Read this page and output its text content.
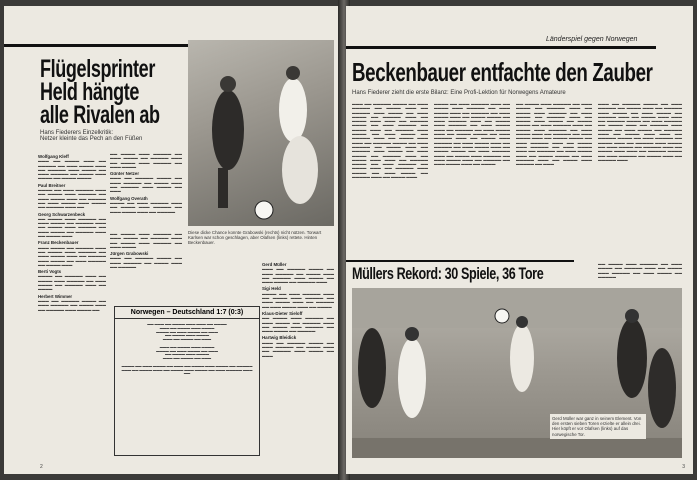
Flügelsprinter
Held hängte
alle Rivalen ab
Hans Fiederers Einzelkritik:
Netzer kleinte das Pech an den Füßen
Wolfgang Kleff
▬▬▬ ▬▬ ▬▬▬▬ ▬▬▬ ▬▬ ▬▬▬▬▬ ▬▬ ▬▬▬ ▬▬▬▬ ▬▬▬ ▬▬ ▬▬▬▬▬ ▬▬▬ ▬▬▬▬ ▬▬ ▬▬▬ ▬▬▬▬▬ ▬▬ ▬▬▬▬ ▬▬▬ ▬▬▬▬ ▬▬ ▬▬▬▬ ▬▬▬▬
Paul Breitner
▬▬▬▬ ▬▬ ▬▬▬ ▬▬▬▬▬ ▬▬▬ ▬▬ ▬▬▬▬ ▬▬▬ ▬▬▬▬▬ ▬▬ ▬▬▬ ▬▬▬▬ ▬▬▬ ▬▬ ▬▬▬▬▬ ▬▬ ▬▬▬ ▬▬▬▬ ▬▬▬ ▬▬▬▬ ▬▬ ▬▬▬▬▬ ▬▬▬ ▬▬
Georg Schwarzenbeck
▬▬ ▬▬▬▬ ▬▬▬ ▬▬▬▬▬ ▬▬ ▬▬▬ ▬▬▬▬ ▬▬ ▬▬▬▬▬ ▬▬▬ ▬▬ ▬▬▬▬ ▬▬▬ ▬▬▬▬▬ ▬▬ ▬▬▬ ▬▬▬▬ ▬▬ ▬▬▬▬▬ ▬▬▬ ▬▬ ▬▬▬▬ ▬▬▬
Franz Beckenbauer
▬▬▬ ▬▬▬▬ ▬▬ ▬▬▬▬▬ ▬▬▬ ▬▬ ▬▬▬▬ ▬▬▬ ▬▬▬▬▬ ▬▬ ▬▬▬ ▬▬▬▬ ▬▬▬ ▬▬ ▬▬▬▬▬ ▬▬▬ ▬▬▬▬ ▬▬ ▬▬▬ ▬▬▬▬▬ ▬▬ ▬▬▬▬ ▬▬▬
Berti Vogts
▬▬▬▬ ▬▬ ▬▬▬▬▬ ▬▬▬ ▬▬ ▬▬▬▬ ▬▬▬ ▬▬▬▬▬ ▬▬ ▬▬▬ ▬▬▬▬ ▬▬ ▬▬▬▬▬ ▬▬▬ ▬▬ ▬▬▬▬
Herbert Wimmer
▬▬▬ ▬▬ ▬▬▬▬▬ ▬▬▬▬ ▬▬ ▬▬▬ ▬▬▬▬▬ ▬▬ ▬▬▬▬ ▬▬▬ ▬▬ ▬▬▬▬▬ ▬▬▬ ▬▬▬▬ ▬▬
▬▬ ▬▬▬▬ ▬▬▬ ▬▬▬▬▬ ▬▬ ▬▬▬ ▬▬▬▬ ▬▬ ▬▬▬▬▬ ▬▬▬ ▬▬ ▬▬▬▬ ▬▬▬ ▬▬▬▬▬ ▬▬ ▬▬▬ ▬▬▬▬
Günter Netzer
▬▬▬ ▬▬ ▬▬▬▬▬ ▬▬▬▬ ▬▬ ▬▬▬ ▬▬▬▬▬ ▬▬ ▬▬▬▬ ▬▬▬ ▬▬ ▬▬▬▬▬ ▬▬▬ ▬▬▬▬ ▬▬ ▬▬▬
Wolfgang Overath
▬▬▬▬ ▬▬ ▬▬▬ ▬▬▬▬▬ ▬▬▬ ▬▬ ▬▬▬▬ ▬▬▬ ▬▬▬▬▬ ▬▬ ▬▬▬ ▬▬▬▬ ▬▬▬ ▬▬ ▬▬▬▬▬
▬▬ ▬▬▬▬ ▬▬▬ ▬▬▬▬▬ ▬▬ ▬▬▬ ▬▬▬▬ ▬▬ ▬▬▬▬▬ ▬▬▬ ▬▬ ▬▬▬▬ ▬▬▬ ▬▬▬▬▬ ▬▬ ▬▬▬ ▬▬▬▬
Jürgen Grabowski
▬▬▬ ▬▬ ▬▬▬▬▬ ▬▬▬▬ ▬▬ ▬▬▬ ▬▬▬▬▬ ▬▬ ▬▬▬▬ ▬▬▬ ▬▬ ▬▬▬▬▬
Diese dicke Chance konnte Grabowski (rechts) nicht nützen. Torwart Karlsen war schon geschlagen, aber Olafsen (links) rettete. Hinten Beckenbauer.
Gerd Müller
▬▬▬ ▬▬ ▬▬▬▬▬ ▬▬▬▬ ▬▬ ▬▬▬ ▬▬▬▬▬ ▬▬ ▬▬▬▬ ▬▬▬ ▬▬ ▬▬▬▬▬ ▬▬▬ ▬▬▬▬ ▬▬ ▬▬▬ ▬▬▬▬ ▬▬ ▬▬▬▬▬ ▬▬▬
Sigi Held
▬▬▬▬ ▬▬ ▬▬▬ ▬▬▬▬▬ ▬▬▬ ▬▬ ▬▬▬▬ ▬▬▬ ▬▬▬▬▬ ▬▬ ▬▬▬ ▬▬▬▬ ▬▬▬ ▬▬ ▬▬▬▬▬ ▬▬ ▬▬▬ ▬▬▬▬ ▬▬▬ ▬▬ ▬▬▬▬
Klaus-Dieter Sieloff
▬▬ ▬▬▬▬ ▬▬▬ ▬▬▬▬▬ ▬▬ ▬▬▬ ▬▬▬▬ ▬▬ ▬▬▬▬▬ ▬▬▬ ▬▬ ▬▬▬▬ ▬▬▬ ▬▬▬▬▬ ▬▬ ▬▬▬ ▬▬▬▬ ▬▬ ▬▬▬▬▬
Hartwig Bleidick
▬▬▬ ▬▬ ▬▬▬▬▬ ▬▬▬▬ ▬▬ ▬▬▬ ▬▬▬▬▬ ▬▬ ▬▬▬▬ ▬▬▬ ▬▬ ▬▬▬▬▬ ▬▬▬ ▬▬▬▬ ▬▬ ▬▬▬
Norwegen – Deutschland 1:7 (0:3)
▬▬ ▬▬▬ ▬▬ ▬▬▬▬ ▬▬▬ ▬▬▬ ▬▬ ▬▬▬▬
▬▬▬ ▬▬ ▬▬▬▬ ▬▬▬ ▬▬▬▬
▬▬▬▬ ▬▬ ▬▬▬ ▬▬▬▬ ▬▬ ▬▬▬
▬▬ ▬▬▬▬ ▬▬▬ ▬▬▬▬
▬▬▬ ▬▬ ▬▬▬▬ ▬▬ ▬▬▬

▬▬▬ ▬▬ ▬▬▬▬ ▬▬▬ ▬▬▬▬
▬▬▬▬ ▬▬ ▬▬▬ ▬▬▬▬ ▬▬ ▬▬▬
▬▬ ▬▬▬▬ ▬▬▬ ▬▬▬▬
▬▬▬ ▬▬ ▬▬▬▬ ▬▬ ▬▬▬

▬▬▬▬ ▬▬ ▬▬▬ ▬▬▬▬ ▬▬ ▬▬▬ ▬▬ ▬▬▬▬ ▬▬▬ ▬▬▬▬ ▬▬ ▬▬▬▬▬ ▬▬▬ ▬▬ ▬▬▬▬ ▬▬▬ ▬▬ ▬▬▬▬ ▬▬▬ ▬▬▬▬ ▬▬ ▬▬▬ ▬▬▬▬▬ ▬▬▬ ▬▬
2
Länderspiel gegen Norwegen
Beckenbauer entfachte den Zauber
Hans Fiederer zieht die erste Bilanz: Eine Profi-Lektion für Norwegens Amateure
▬▬▬ ▬▬ ▬▬▬▬▬ ▬▬▬▬ ▬▬ ▬▬▬ ▬▬▬▬▬ ▬▬ ▬▬▬▬ ▬▬▬ ▬▬ ▬▬▬▬▬ ▬▬▬ ▬▬▬▬ ▬▬ ▬▬▬ ▬▬▬▬ ▬▬ ▬▬▬▬▬ ▬▬▬ ▬▬ ▬▬▬▬ ▬▬▬ ▬▬▬ ▬▬ ▬▬▬▬▬ ▬▬▬▬ ▬▬ ▬▬▬ ▬▬▬▬▬ ▬▬ ▬▬▬▬ ▬▬▬ ▬▬ ▬▬▬▬▬ ▬▬▬ ▬▬▬▬ ▬▬ ▬▬▬ ▬▬▬▬ ▬▬ ▬▬▬▬▬ ▬▬▬ ▬▬ ▬▬▬▬ ▬▬▬ ▬▬▬ ▬▬ ▬▬▬▬▬ ▬▬▬▬ ▬▬ ▬▬▬ ▬▬▬▬▬ ▬▬ ▬▬▬▬ ▬▬▬ ▬▬ ▬▬▬▬▬ ▬▬▬ ▬▬▬▬ ▬▬ ▬▬▬ ▬▬▬▬ ▬▬ ▬▬▬▬▬ ▬▬▬ ▬▬ ▬▬▬▬ ▬▬▬ ▬▬▬ ▬▬ ▬▬▬▬▬ ▬▬▬▬ ▬▬ ▬▬▬ ▬▬▬▬▬ ▬▬ ▬▬▬▬ ▬▬▬ ▬▬ ▬▬▬▬▬ ▬▬▬ ▬▬▬▬ ▬▬ ▬▬▬ ▬▬▬▬ ▬▬ ▬▬▬▬▬ ▬▬▬ ▬▬ ▬▬▬▬ ▬▬▬
▬▬▬▬ ▬▬ ▬▬▬ ▬▬▬▬▬ ▬▬▬ ▬▬ ▬▬▬▬ ▬▬▬ ▬▬▬▬▬ ▬▬ ▬▬▬ ▬▬▬▬ ▬▬▬ ▬▬ ▬▬▬▬▬ ▬▬ ▬▬▬ ▬▬▬▬ ▬▬▬ ▬▬ ▬▬▬▬ ▬▬▬▬ ▬▬ ▬▬▬ ▬▬▬▬▬ ▬▬▬ ▬▬ ▬▬▬▬ ▬▬▬ ▬▬▬▬▬ ▬▬ ▬▬▬ ▬▬▬▬ ▬▬▬ ▬▬ ▬▬▬▬▬ ▬▬ ▬▬▬ ▬▬▬▬ ▬▬▬ ▬▬ ▬▬▬▬ ▬▬▬▬ ▬▬ ▬▬▬ ▬▬▬▬▬ ▬▬▬ ▬▬ ▬▬▬▬ ▬▬▬ ▬▬▬▬▬ ▬▬ ▬▬▬ ▬▬▬▬ ▬▬▬ ▬▬ ▬▬▬▬▬ ▬▬ ▬▬▬ ▬▬▬▬ ▬▬▬ ▬▬ ▬▬▬▬ ▬▬▬▬ ▬▬ ▬▬▬ ▬▬▬▬▬ ▬▬▬ ▬▬ ▬▬▬▬ ▬▬▬ ▬▬▬▬▬ ▬▬ ▬▬▬ ▬▬▬▬ ▬▬▬ ▬▬ ▬▬▬▬▬ ▬▬ ▬▬▬ ▬▬▬▬ ▬▬▬ ▬▬ ▬▬▬▬
▬▬ ▬▬▬▬ ▬▬▬ ▬▬▬▬▬ ▬▬ ▬▬▬ ▬▬▬▬ ▬▬ ▬▬▬▬▬ ▬▬▬ ▬▬ ▬▬▬▬ ▬▬▬ ▬▬▬▬▬ ▬▬ ▬▬▬ ▬▬▬▬ ▬▬ ▬▬▬▬▬ ▬▬▬ ▬▬ ▬▬▬▬ ▬▬▬ ▬▬▬▬ ▬▬ ▬▬▬▬ ▬▬▬▬ ▬▬ ▬▬▬ ▬▬▬▬▬ ▬▬▬ ▬▬ ▬▬▬▬ ▬▬▬ ▬▬▬▬▬ ▬▬ ▬▬▬ ▬▬▬▬ ▬▬▬ ▬▬ ▬▬▬▬▬ ▬▬ ▬▬▬ ▬▬▬▬ ▬▬▬ ▬▬ ▬▬▬▬ ▬▬▬▬ ▬▬ ▬▬▬ ▬▬▬▬▬ ▬▬▬ ▬▬ ▬▬▬▬ ▬▬▬ ▬▬▬▬▬ ▬▬ ▬▬▬ ▬▬▬▬ ▬▬▬ ▬▬ ▬▬▬▬▬ ▬▬ ▬▬▬ ▬▬▬▬ ▬▬▬ ▬▬ ▬▬▬▬ ▬▬▬▬ ▬▬ ▬▬▬ ▬▬▬▬▬ ▬▬▬ ▬▬ ▬▬▬▬ ▬▬▬ ▬▬▬▬▬ ▬▬ ▬▬▬
▬▬▬ ▬▬ ▬▬▬▬▬ ▬▬▬▬ ▬▬ ▬▬▬ ▬▬▬▬▬ ▬▬ ▬▬▬▬ ▬▬▬ ▬▬ ▬▬▬▬▬ ▬▬▬ ▬▬▬▬ ▬▬ ▬▬▬ ▬▬▬▬ ▬▬ ▬▬▬▬▬ ▬▬▬ ▬▬ ▬▬▬▬ ▬▬▬ ▬▬▬ ▬▬ ▬▬▬▬▬ ▬▬▬▬ ▬▬ ▬▬▬ ▬▬▬▬▬ ▬▬ ▬▬▬▬ ▬▬▬ ▬▬ ▬▬▬▬▬ ▬▬▬ ▬▬▬▬ ▬▬ ▬▬▬ ▬▬▬▬ ▬▬ ▬▬▬▬▬ ▬▬▬ ▬▬ ▬▬▬▬ ▬▬▬ ▬▬▬ ▬▬ ▬▬▬▬▬ ▬▬▬▬ ▬▬ ▬▬▬ ▬▬▬▬▬ ▬▬ ▬▬▬▬ ▬▬▬ ▬▬ ▬▬▬▬▬ ▬▬▬ ▬▬▬▬ ▬▬ ▬▬▬ ▬▬▬▬ ▬▬ ▬▬▬▬▬ ▬▬▬ ▬▬ ▬▬▬▬ ▬▬▬ ▬▬▬ ▬▬ ▬▬▬▬▬ ▬▬▬▬ ▬▬ ▬▬▬ ▬▬▬▬▬ ▬▬ ▬▬▬▬ ▬▬▬ ▬▬ ▬▬▬▬▬ ▬▬▬
Müllers Rekord: 30 Spiele, 36 Tore	▬▬ ▬▬▬▬ ▬▬▬ ▬▬▬▬▬ ▬▬ ▬▬▬ ▬▬▬▬ ▬▬ ▬▬▬▬▬ ▬▬▬ ▬▬ ▬▬▬▬ ▬▬▬ ▬▬▬▬▬ ▬▬ ▬▬▬ ▬▬▬▬ ▬▬ ▬▬▬▬▬
Gerd Müller war ganz in seinem Element. Von den ersten sieben Toren erzielte er allein drei. Hier köpft er vor Olafsen (links) auf das norwegische Tor.
3
